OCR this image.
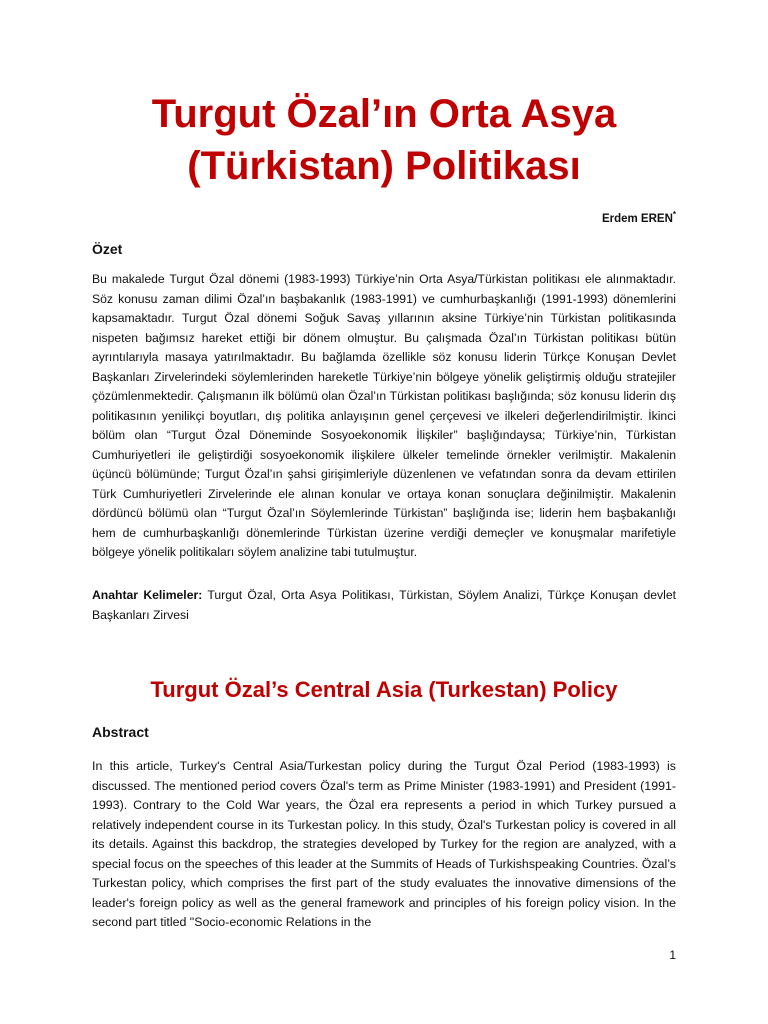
Turgut Özal’ın Orta Asya
(Türkistan) Politikası
Erdem EREN*
Özet

Bu makalede Turgut Özal dönemi (1983-1993) Türkiye’nin Orta Asya/Türkistan politikası ele alınmaktadır. Söz konusu zaman dilimi Özal’ın başbakanlık (1983-1991) ve cumhurbaşkanlığı (1991-1993) dönemlerini kapsamaktadır. Turgut Özal dönemi Soğuk Savaş yıllarının aksine Türkiye’nin Türkistan politikasında nispeten bağımsız hareket ettiği bir dönem olmuştur. Bu çalışmada Özal’ın Türkistan politikası bütün ayrıntılarıyla masaya yatırılmaktadır. Bu bağlamda özellikle söz konusu liderin Türkçe Konuşan Devlet Başkanları Zirvelerindeki söylemlerinden hareketle Türkiye’nin bölgeye yönelik geliştirmiş olduğu stratejiler çözümlenmektedir. Çalışmanın ilk bölümü olan Özal’ın Türkistan politikası başlığında; söz konusu liderin dış politikasının yenilikçi boyutları, dış politika anlayışının genel çerçevesi ve ilkeleri değerlendirilmiştir. İkinci bölüm olan “Turgut Özal Döneminde Sosyoekonomik İlişkiler” başlığındaysa; Türkiye’nin, Türkistan Cumhuriyetleri ile geliştirdiği sosyoekonomik ilişkilere ülkeler temelinde örnekler verilmiştir. Makalenin üçüncü bölümünde; Turgut Özal’ın şahsi girişimleriyle düzenlenen ve vefatından sonra da devam ettirilen Türk Cumhuriyetleri Zirvelerinde ele alınan konular ve ortaya konan sonuçlara değinilmiştir. Makalenin dördüncü bölümü olan “Turgut Özal’ın Söylemlerinde Türkistan” başlığında ise; liderin hem başbakanlığı hem de cumhurbaşkanlığı dönemlerinde Türkistan üzerine verdiği demeçler ve konuşmalar marifetiyle bölgeye yönelik politikaları söylem analizine tabi tutulmuştur.

Anahtar Kelimeler: Turgut Özal, Orta Asya Politikası, Türkistan, Söylem Analizi, Türkçe Konuşan devlet Başkanları Zirvesi

Turgut Özal’s Central Asia (Turkestan) Policy
Abstract

In this article, Turkey's Central Asia/Turkestan policy during the Turgut Özal Period (1983-1993) is discussed. The mentioned period covers Özal's term as Prime Minister (1983-1991) and President (1991-1993). Contrary to the Cold War years, the Özal era represents a period in which Turkey pursued a relatively independent course in its Turkestan policy. In this study, Özal's Turkestan policy is covered in all its details. Against this backdrop, the strategies developed by Turkey for the region are analyzed, with a special focus on the speeches of this leader at the Summits of Heads of Turkishspeaking Countries. Özal’s Turkestan policy, which comprises the first part of the study evaluates the innovative dimensions of the leader's foreign policy as well as the general framework and principles of his foreign policy vision. In the second part titled "Socio-economic Relations in the

1
